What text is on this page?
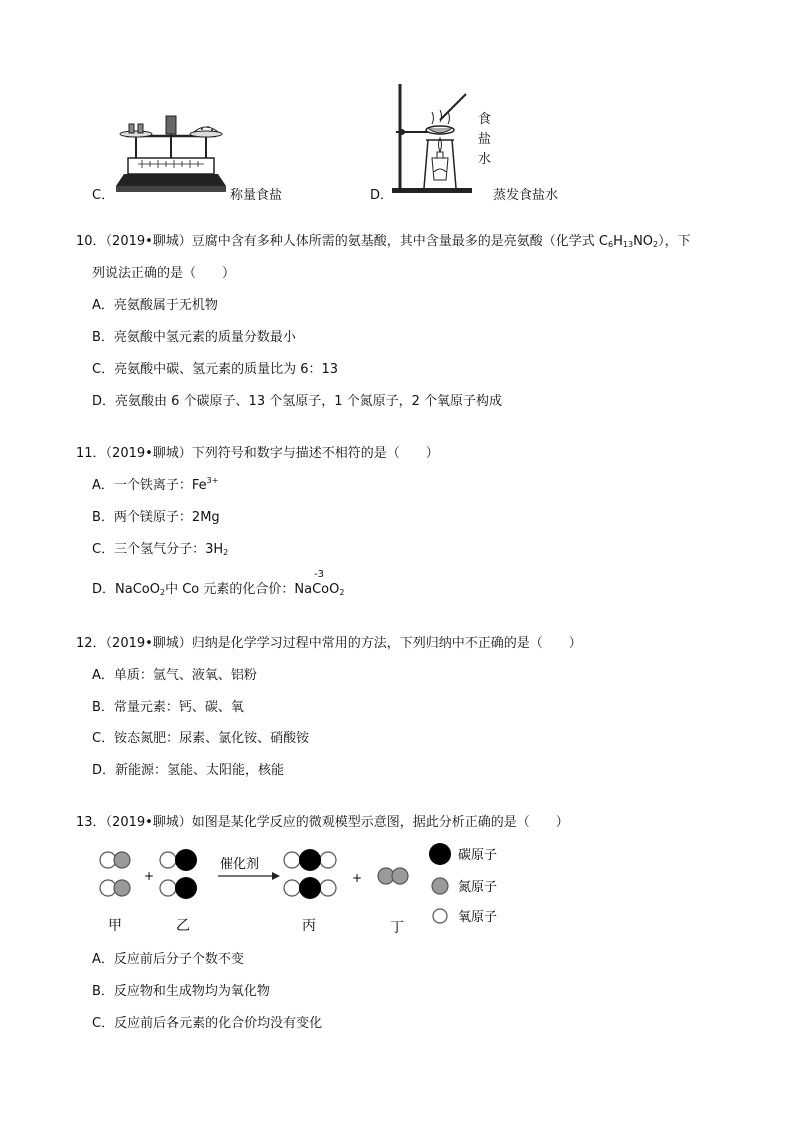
C．	称量食盐
食
盐
水
D．	蒸发食盐水
10．（2019•聊城）豆腐中含有多种人体所需的氨基酸，其中含量最多的是亮氨酸（化学式 $C_6H_{13}NO_2$），下
列说法正确的是（　　）
A．亮氨酸属于无机物
B．亮氨酸中氢元素的质量分数最小
C．亮氨酸中碳、氢元素的质量比为 6：13
D．亮氨酸由 6 个碳原子、13 个氢原子，1 个氮原子，2 个氧原子构成
11．（2019•聊城）下列符号和数字与描述不相符的是（　　）
A．一个铁离子：$Fe^{3+}$
B．两个镁原子：2Mg
C．三个氢气分子：$3H_2$
D．NaCoO$_2$中 Co 元素的化合价：Na
-3
CoO$_2$
12．（2019•聊城）归纳是化学学习过程中常用的方法，下列归纳中不正确的是（　　）
A．单质：氩气、液氧、铝粉
B．常量元素：钙、碳、氧
C．铵态氮肥：尿素、氯化铵、硝酸铵
D．新能源：氢能、太阳能，核能
13．（2019•聊城）如图是某化学反应的微观模型示意图，据此分析正确的是（　　）
+
催化剂
+
甲	乙	丙	丁
碳原子
氮原子
氧原子
A．反应前后分子个数不变
B．反应物和生成物均为氧化物
C．反应前后各元素的化合价均没有变化
